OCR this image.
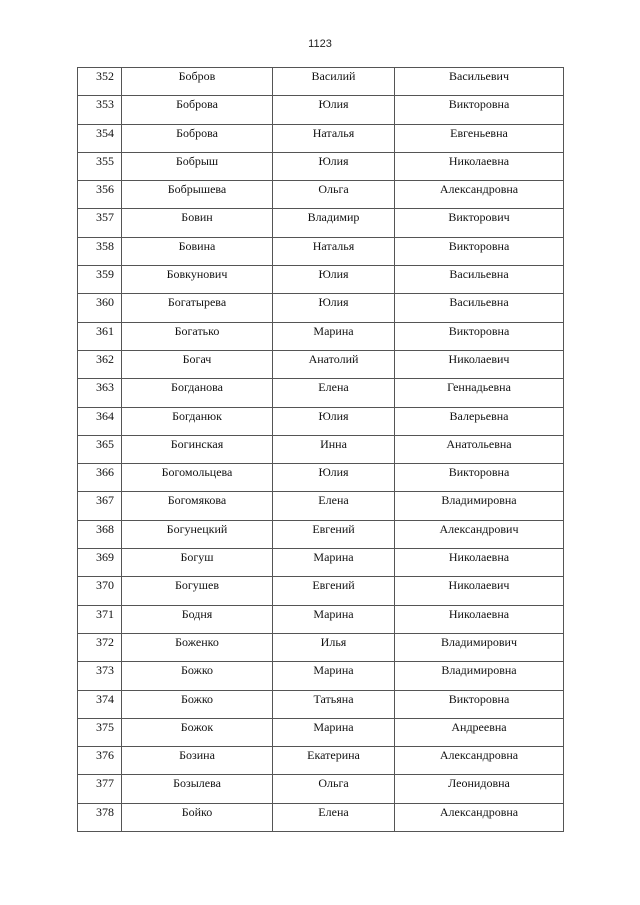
1123
352	Бобров	Василий	Васильевич

353	Боброва	Юлия	Викторовна

354	Боброва	Наталья	Евгеньевна

355	Бобрыш	Юлия	Николаевна

356	Бобрышева	Ольга	Александровна

357	Бовин	Владимир	Викторович

358	Бовина	Наталья	Викторовна

359	Бовкунович	Юлия	Васильевна

360	Богатырева	Юлия	Васильевна

361	Богатько	Марина	Викторовна

362	Богач	Анатолий	Николаевич

363	Богданова	Елена	Геннадьевна

364	Богданюк	Юлия	Валерьевна

365	Богинская	Инна	Анатольевна

366	Богомольцева	Юлия	Викторовна

367	Богомякова	Елена	Владимировна

368	Богунецкий	Евгений	Александрович

369	Богуш	Марина	Николаевна

370	Богушев	Евгений	Николаевич

371	Бодня	Марина	Николаевна

372	Боженко	Илья	Владимирович

373	Божко	Марина	Владимировна

374	Божко	Татьяна	Викторовна

375	Божок	Марина	Андреевна

376	Бозина	Екатерина	Александровна

377	Бозылева	Ольга	Леонидовна

378	Бойко	Елена	Александровна
